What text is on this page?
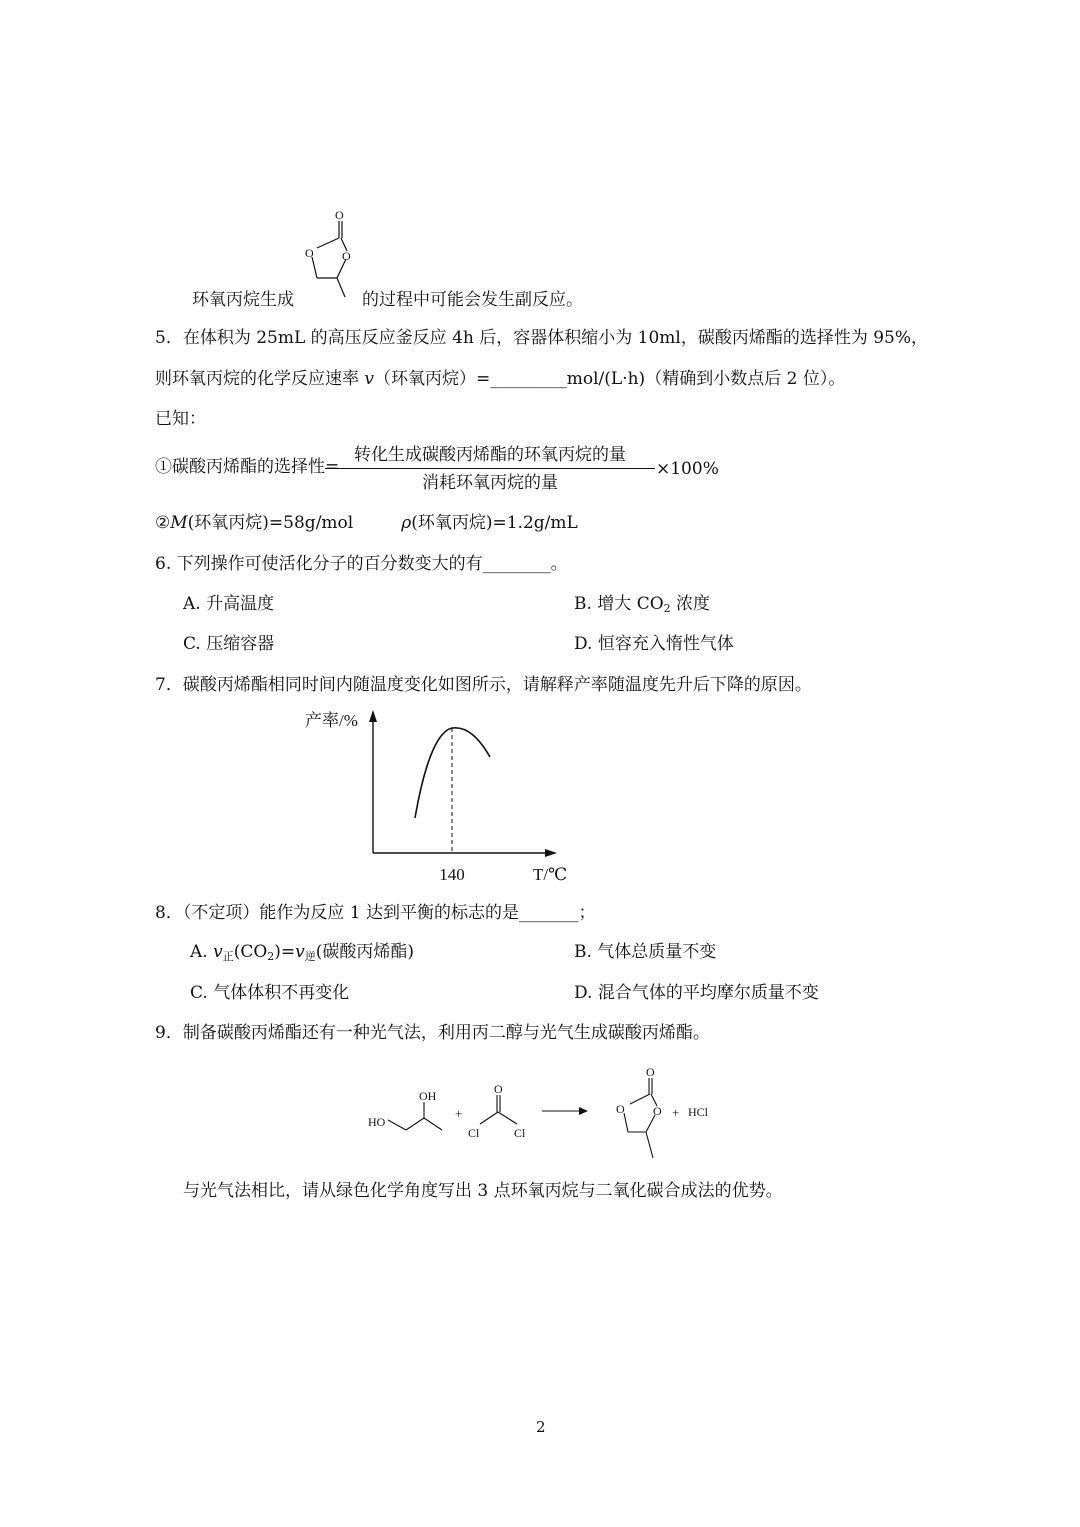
环氧丙烷生成
O
O O
的过程中可能会发生副反应。
5．在体积为 25mL 的高压反应釜反应 4h 后，容器体积缩小为 10ml，碳酸丙烯酯的选择性为 95%，
则环氧丙烷的化学反应速率 v（环氧丙烷）=_________mol/(L·h)（精确到小数点后 2 位）。
已知：
①碳酸丙烯酯的选择性=
转化生成碳酸丙烯酯的环氧丙烷的量
消耗环氧丙烷的量
×100%
②M(环氧丙烷)=58g/mol	ρ(环氧丙烷)=1.2g/mL
6. 下列操作可使活化分子的百分数变大的有________。
A. 升高温度	B. 增大 $CO_2$ 浓度
C. 压缩容器	D. 恒容充入惰性气体
7．碳酸丙烯酯相同时间内随温度变化如图所示，请解释产率随温度先升后下降的原因。
产率/%
140	T/℃
8．（不定项）能作为反应 1 达到平衡的标志的是_______；
A. $v_正(CO_2)=v_逆$(碳酸丙烯酯)	B. 气体总质量不变
C. 气体体积不再变化	D. 混合气体的平均摩尔质量不变
9．制备碳酸丙烯酯还有一种光气法，利用丙二醇与光气生成碳酸丙烯酯。
HO
OH
+
O
Cl	Cl
O
O O + HCl
与光气法相比，请从绿色化学角度写出 3 点环氧丙烷与二氧化碳合成法的优势。
2
